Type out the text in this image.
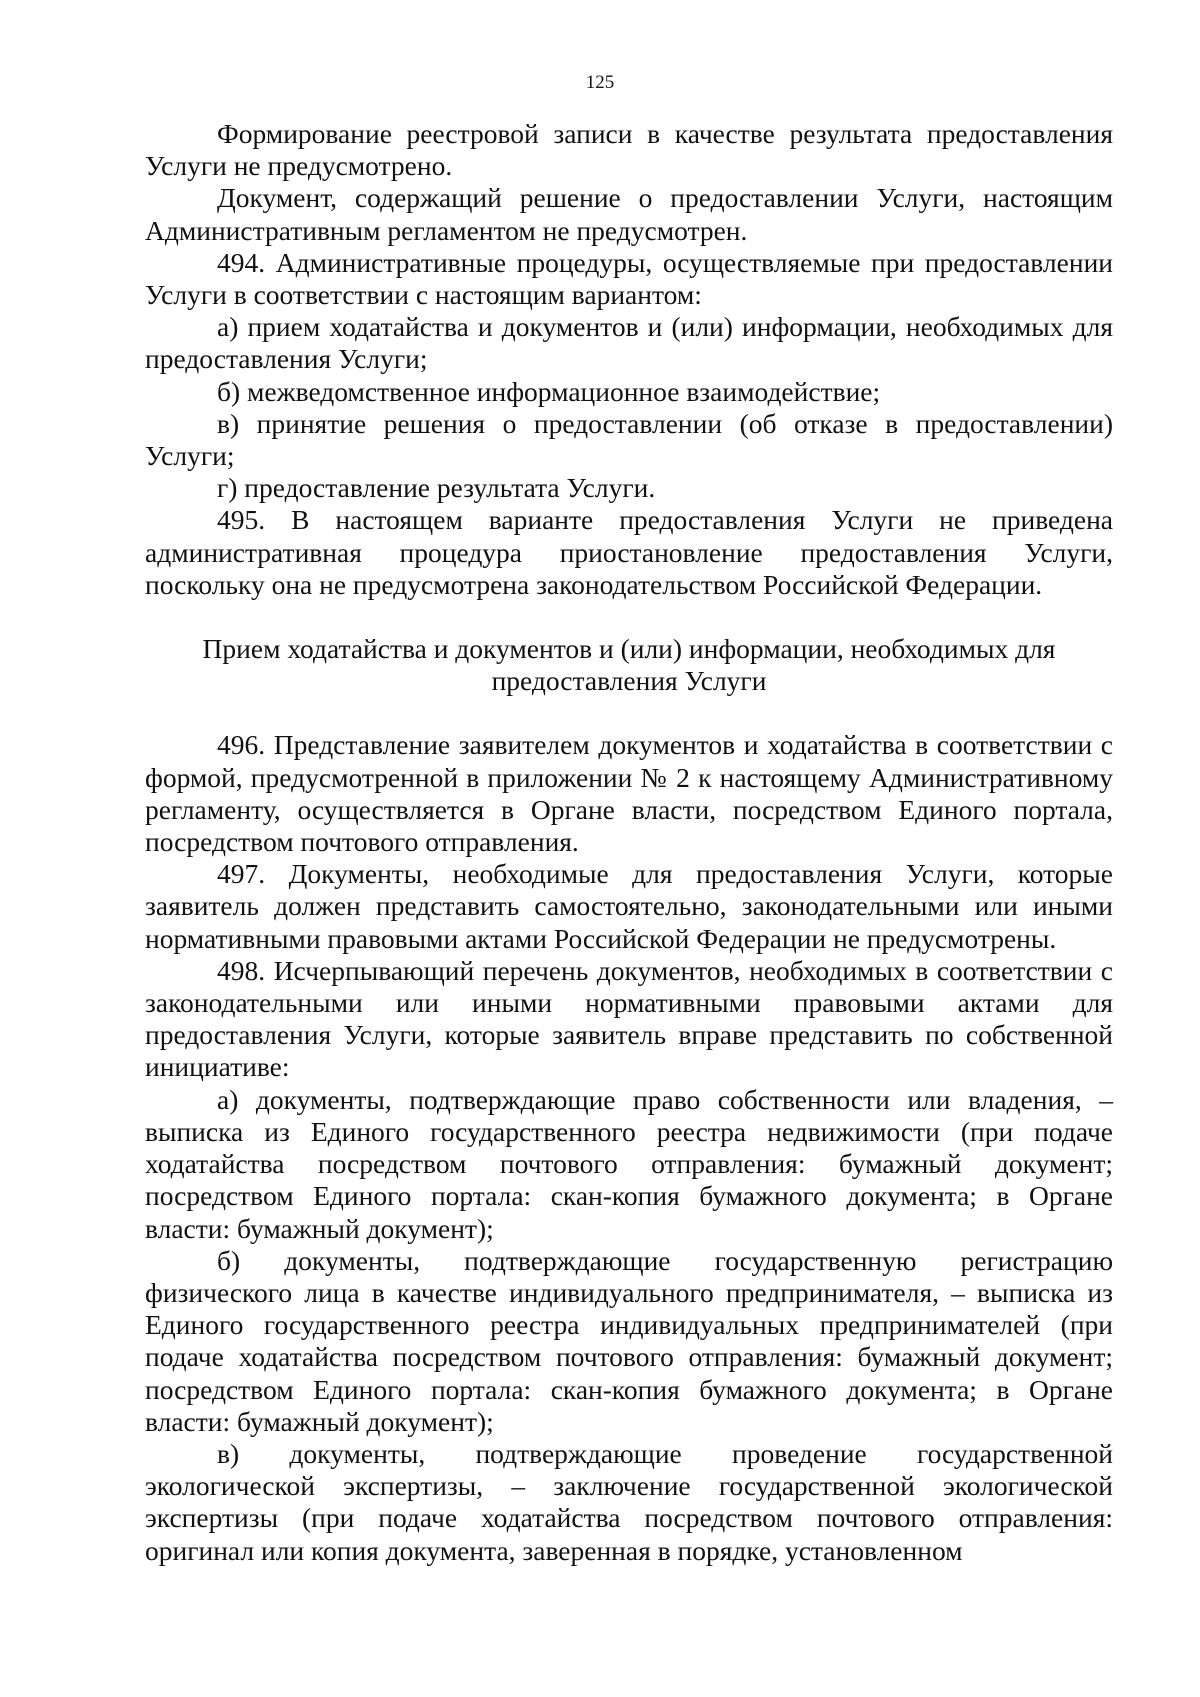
125

Формирование реестровой записи в качестве результата предоставления Услуги не предусмотрено.

Документ, содержащий решение о предоставлении Услуги, настоящим Административным регламентом не предусмотрен.

494. Административные процедуры, осуществляемые при предоставлении Услуги в соответствии с настоящим вариантом:

а) прием ходатайства и документов и (или) информации, необходимых для предоставления Услуги;

б) межведомственное информационное взаимодействие;

в) принятие решения о предоставлении (об отказе в предоставлении) Услуги;

г) предоставление результата Услуги.

495. В настоящем варианте предоставления Услуги не приведена административная процедура приостановление предоставления Услуги, поскольку она не предусмотрена законодательством Российской Федерации.

Прием ходатайства и документов и (или) информации, необходимых для предоставления Услуги

496. Представление заявителем документов и ходатайства в соответствии с формой, предусмотренной в приложении № 2 к настоящему Административному регламенту, осуществляется в Органе власти, посредством Единого портала, посредством почтового отправления.

497. Документы, необходимые для предоставления Услуги, которые заявитель должен представить самостоятельно, законодательными или иными нормативными правовыми актами Российской Федерации не предусмотрены.

498. Исчерпывающий перечень документов, необходимых в соответствии с законодательными или иными нормативными правовыми актами для предоставления Услуги, которые заявитель вправе представить по собственной инициативе:

а) документы, подтверждающие право собственности или владения, – выписка из Единого государственного реестра недвижимости (при подаче ходатайства посредством почтового отправления: бумажный документ; посредством Единого портала: скан-копия бумажного документа; в Органе власти: бумажный документ);

б) документы, подтверждающие государственную регистрацию физического лица в качестве индивидуального предпринимателя, – выписка из Единого государственного реестра индивидуальных предпринимателей (при подаче ходатайства посредством почтового отправления: бумажный документ; посредством Единого портала: скан-копия бумажного документа; в Органе власти: бумажный документ);

в) документы, подтверждающие проведение государственной экологической экспертизы, – заключение государственной экологической экспертизы (при подаче ходатайства посредством почтового отправления: оригинал или копия документа, заверенная в порядке, установленном
